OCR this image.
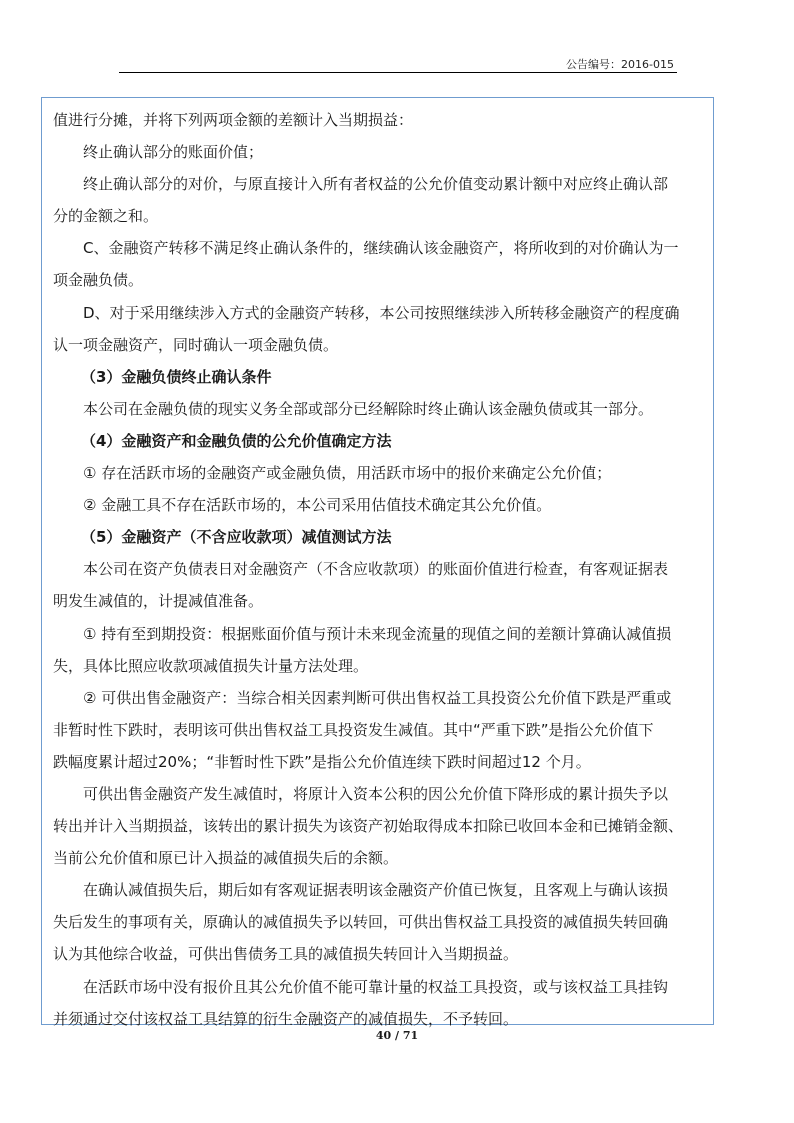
公告编号：2016-015
值进行分摊，并将下列两项金额的差额计入当期损益：
终止确认部分的账面价值；
终止确认部分的对价，与原直接计入所有者权益的公允价值变动累计额中对应终止确认部
分的金额之和。
C、金融资产转移不满足终止确认条件的，继续确认该金融资产，将所收到的对价确认为一
项金融负债。
D、对于采用继续涉入方式的金融资产转移，本公司按照继续涉入所转移金融资产的程度确
认一项金融资产，同时确认一项金融负债。
（3）金融负债终止确认条件
本公司在金融负债的现实义务全部或部分已经解除时终止确认该金融负债或其一部分。
（4）金融资产和金融负债的公允价值确定方法
① 存在活跃市场的金融资产或金融负债，用活跃市场中的报价来确定公允价值；
② 金融工具不存在活跃市场的，本公司采用估值技术确定其公允价值。
（5）金融资产（不含应收款项）减值测试方法
本公司在资产负债表日对金融资产（不含应收款项）的账面价值进行检查，有客观证据表
明发生减值的，计提减值准备。
① 持有至到期投资：根据账面价值与预计未来现金流量的现值之间的差额计算确认减值损
失，具体比照应收款项减值损失计量方法处理。
② 可供出售金融资产：当综合相关因素判断可供出售权益工具投资公允价值下跌是严重或
非暂时性下跌时，表明该可供出售权益工具投资发生减值。其中“严重下跌”是指公允价值下
跌幅度累计超过20%；“非暂时性下跌”是指公允价值连续下跌时间超过12 个月。
可供出售金融资产发生减值时，将原计入资本公积的因公允价值下降形成的累计损失予以
转出并计入当期损益，该转出的累计损失为该资产初始取得成本扣除已收回本金和已摊销金额、
当前公允价值和原已计入损益的减值损失后的余额。
在确认减值损失后，期后如有客观证据表明该金融资产价值已恢复，且客观上与确认该损
失后发生的事项有关，原确认的减值损失予以转回，可供出售权益工具投资的减值损失转回确
认为其他综合收益，可供出售债务工具的减值损失转回计入当期损益。
在活跃市场中没有报价且其公允价值不能可靠计量的权益工具投资，或与该权益工具挂钩
并须通过交付该权益工具结算的衍生金融资产的减值损失，不予转回。
40 / 71
